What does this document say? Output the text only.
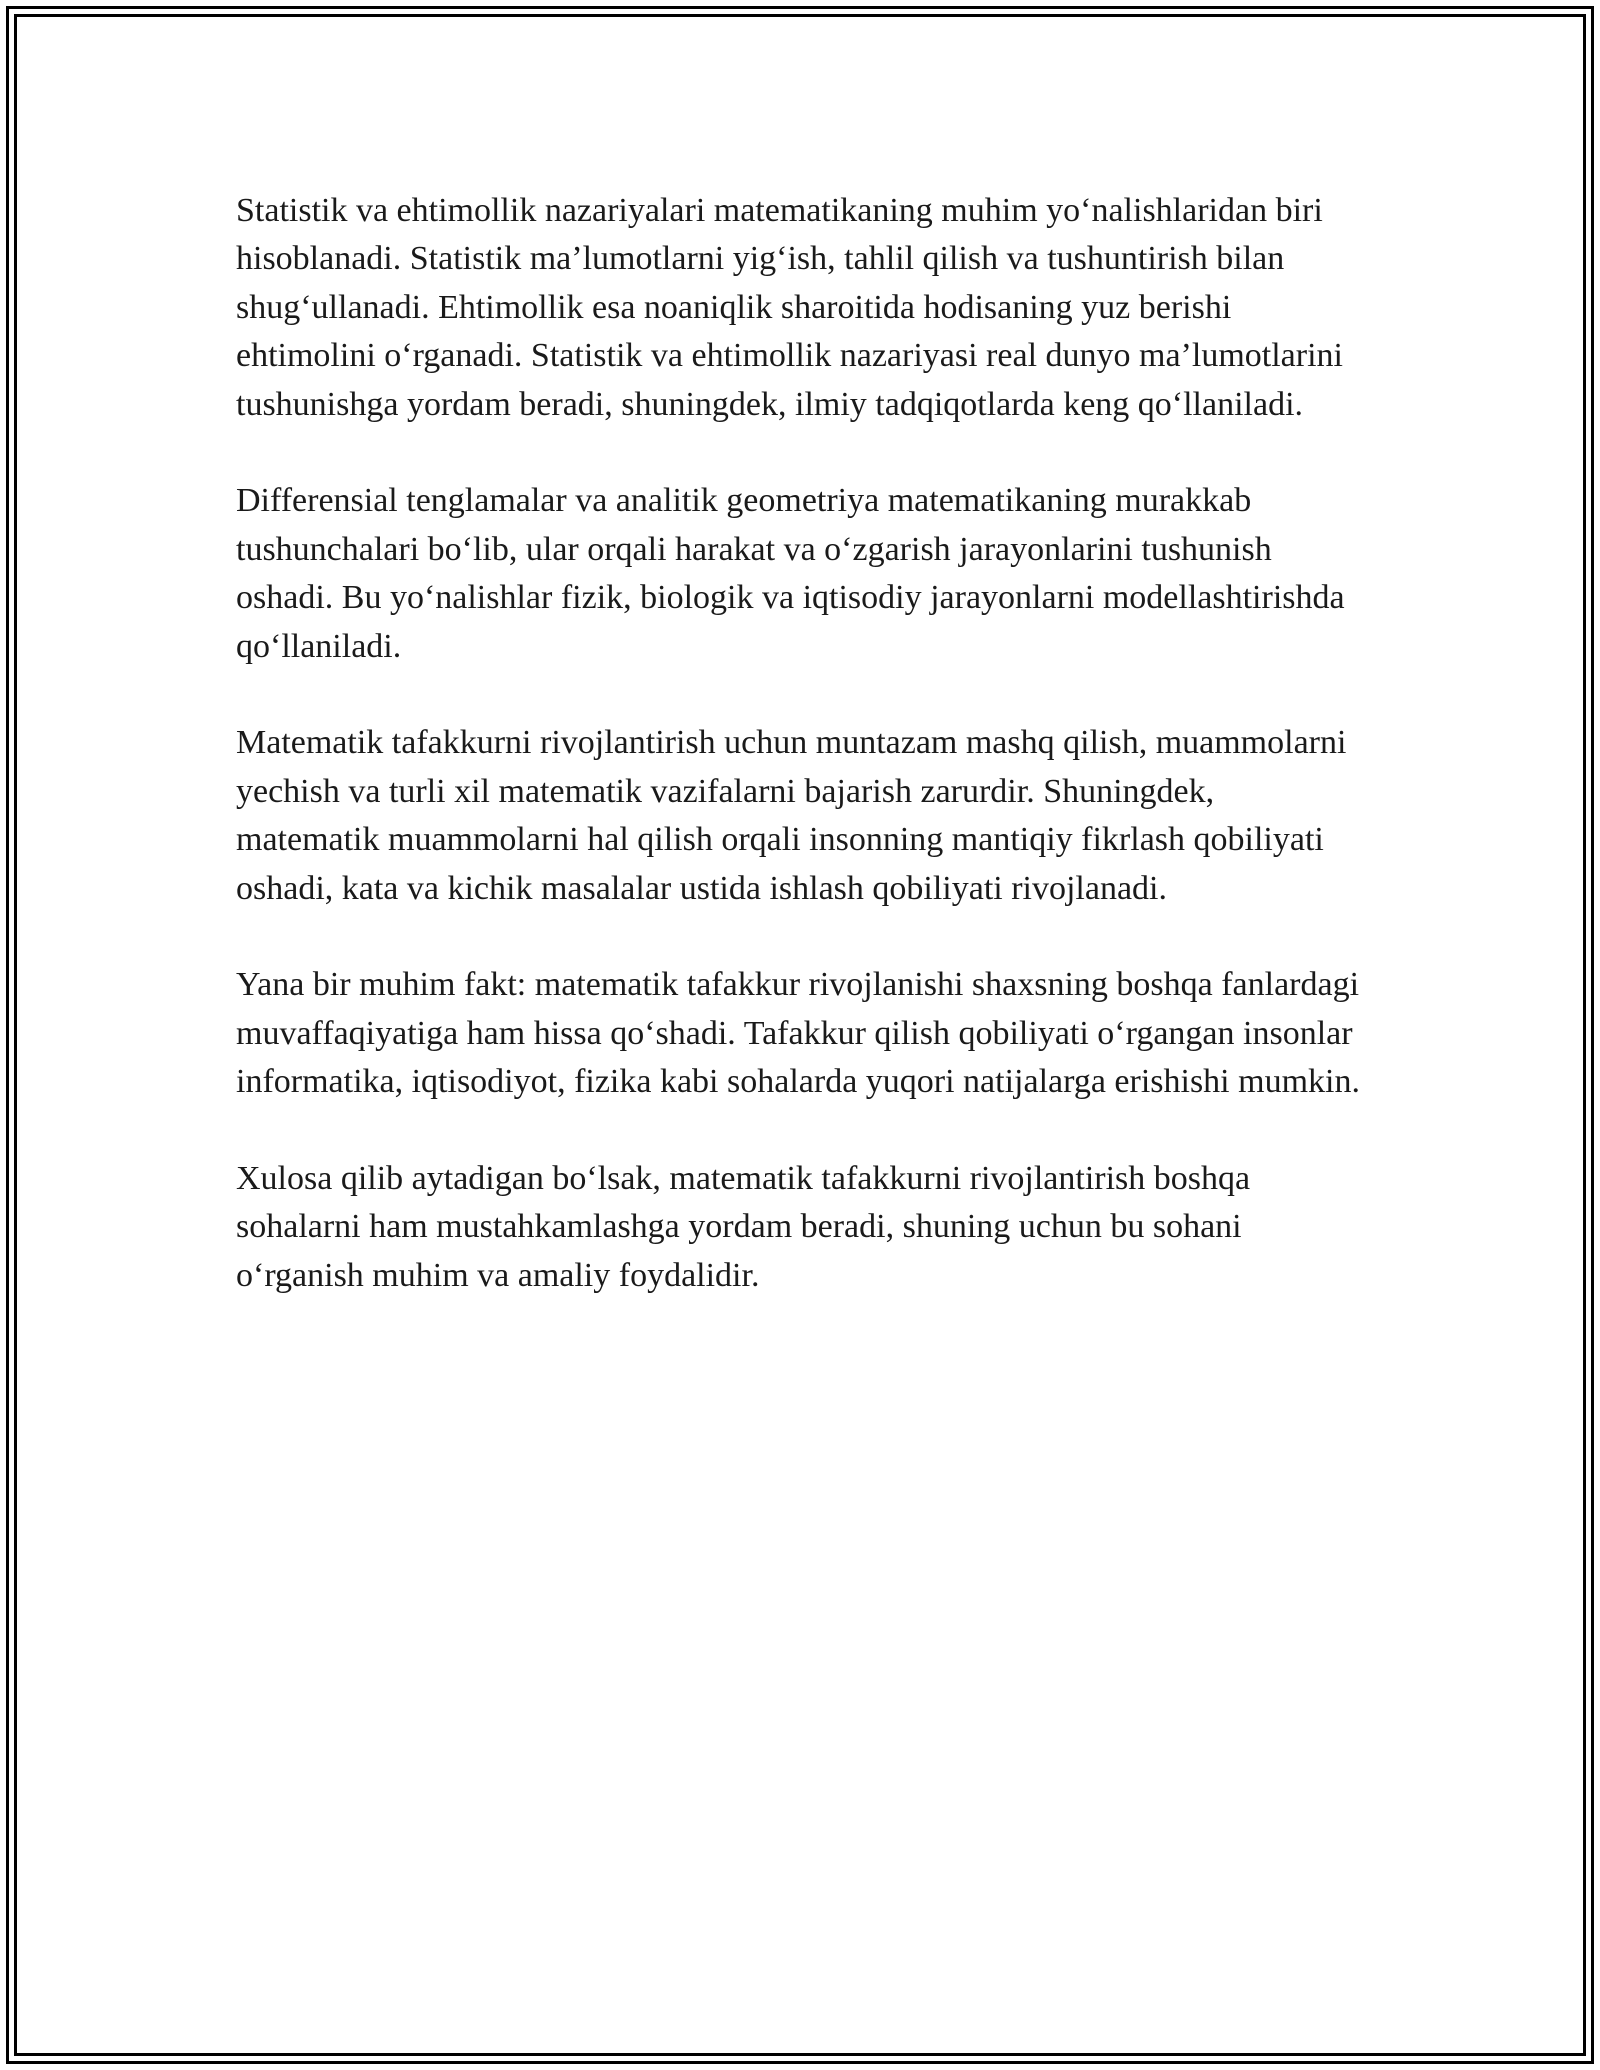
Statistik va ehtimollik nazariyalari matematikaning muhim yo‘nalishlaridan biri hisoblanadi. Statistik ma’lumotlarni yig‘ish, tahlil qilish va tushuntirish bilan shug‘ullanadi. Ehtimollik esa noaniqlik sharoitida hodisaning yuz berishi ehtimolini o‘rganadi. Statistik va ehtimollik nazariyasi real dunyo ma’lumotlarini tushunishga yordam beradi, shuningdek, ilmiy tadqiqotlarda keng qo‘llaniladi.

Differensial tenglamalar va analitik geometriya matematikaning murakkab tushunchalari bo‘lib, ular orqali harakat va o‘zgarish jarayonlarini tushunish oshadi. Bu yo‘nalishlar fizik, biologik va iqtisodiy jarayonlarni modellashtirishda qo‘llaniladi.

Matematik tafakkurni rivojlantirish uchun muntazam mashq qilish, muammolarni yechish va turli xil matematik vazifalarni bajarish zarurdir. Shuningdek, matematik muammolarni hal qilish orqali insonning mantiqiy fikrlash qobiliyati oshadi, kata va kichik masalalar ustida ishlash qobiliyati rivojlanadi.

Yana bir muhim fakt: matematik tafakkur rivojlanishi shaxsning boshqa fanlardagi muvaffaqiyatiga ham hissa qo‘shadi. Tafakkur qilish qobiliyati o‘rgangan insonlar informatika, iqtisodiyot, fizika kabi sohalarda yuqori natijalarga erishishi mumkin.

Xulosa qilib aytadigan bo‘lsak, matematik tafakkurni rivojlantirish boshqa sohalarni ham mustahkamlashga yordam beradi, shuning uchun bu sohani o‘rganish muhim va amaliy foydalidir.
